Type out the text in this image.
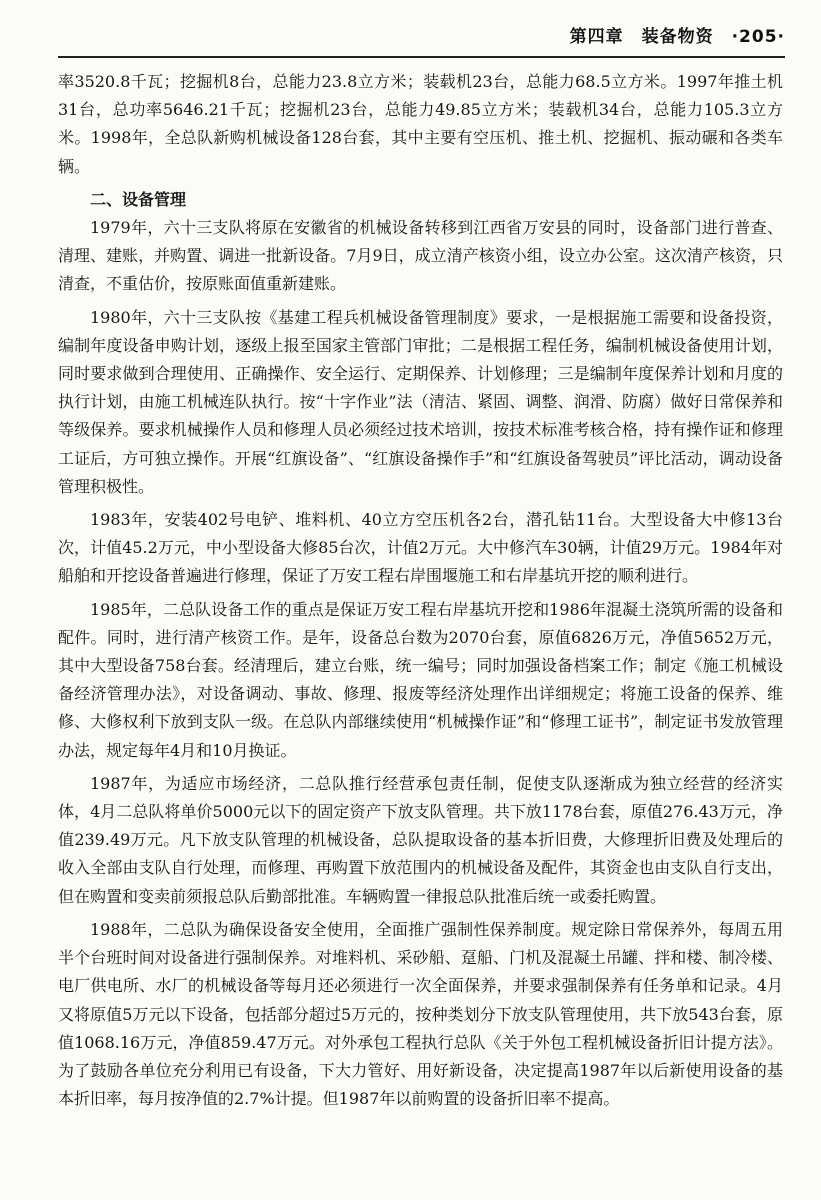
第四章　装备物资　·205·

率3520.8千瓦；挖掘机8台，总能力23.8立方米；装载机23台，总能力68.5立方米。1997年推土机31台，总功率5646.21千瓦；挖掘机23台，总能力49.85立方米；装载机34台，总能力105.3立方米。1998年，全总队新购机械设备128台套，其中主要有空压机、推土机、挖掘机、振动碾和各类车辆。

二、设备管理

1979年，六十三支队将原在安徽省的机械设备转移到江西省万安县的同时，设备部门进行普查、清理、建账，并购置、调进一批新设备。7月9日，成立清产核资小组，设立办公室。这次清产核资，只清查，不重估价，按原账面值重新建账。

1980年，六十三支队按《基建工程兵机械设备管理制度》要求，一是根据施工需要和设备投资，编制年度设备申购计划，逐级上报至国家主管部门审批；二是根据工程任务，编制机械设备使用计划，同时要求做到合理使用、正确操作、安全运行、定期保养、计划修理；三是编制年度保养计划和月度的执行计划，由施工机械连队执行。按“十字作业”法（清洁、紧固、调整、润滑、防腐）做好日常保养和等级保养。要求机械操作人员和修理人员必须经过技术培训，按技术标准考核合格，持有操作证和修理工证后，方可独立操作。开展“红旗设备”、“红旗设备操作手”和“红旗设备驾驶员”评比活动，调动设备管理积极性。

1983年，安装402号电铲、堆料机、40立方空压机各2台，潜孔钻11台。大型设备大中修13台次，计值45.2万元，中小型设备大修85台次，计值2万元。大中修汽车30辆，计值29万元。1984年对船舶和开挖设备普遍进行修理，保证了万安工程右岸围堰施工和右岸基坑开挖的顺利进行。

1985年，二总队设备工作的重点是保证万安工程右岸基坑开挖和1986年混凝土浇筑所需的设备和配件。同时，进行清产核资工作。是年，设备总台数为2070台套，原值6826万元，净值5652万元，其中大型设备758台套。经清理后，建立台账，统一编号；同时加强设备档案工作；制定《施工机械设备经济管理办法》，对设备调动、事故、修理、报废等经济处理作出详细规定；将施工设备的保养、维修、大修权利下放到支队一级。在总队内部继续使用“机械操作证”和“修理工证书”，制定证书发放管理办法，规定每年4月和10月换证。

1987年，为适应市场经济，二总队推行经营承包责任制，促使支队逐渐成为独立经营的经济实体，4月二总队将单价5000元以下的固定资产下放支队管理。共下放1178台套，原值276.43万元，净值239.49万元。凡下放支队管理的机械设备，总队提取设备的基本折旧费，大修理折旧费及处理后的收入全部由支队自行处理，而修理、再购置下放范围内的机械设备及配件，其资金也由支队自行支出，但在购置和变卖前须报总队后勤部批准。车辆购置一律报总队批准后统一或委托购置。

1988年，二总队为确保设备安全使用，全面推广强制性保养制度。规定除日常保养外，每周五用半个台班时间对设备进行强制保养。对堆料机、采砂船、趸船、门机及混凝土吊罐、拌和楼、制冷楼、电厂供电所、水厂的机械设备等每月还必须进行一次全面保养，并要求强制保养有任务单和记录。4月又将原值5万元以下设备，包括部分超过5万元的，按种类划分下放支队管理使用，共下放543台套，原值1068.16万元，净值859.47万元。对外承包工程执行总队《关于外包工程机械设备折旧计提方法》。为了鼓励各单位充分利用已有设备，下大力管好、用好新设备，决定提高1987年以后新使用设备的基本折旧率，每月按净值的2.7%计提。但1987年以前购置的设备折旧率不提高。
